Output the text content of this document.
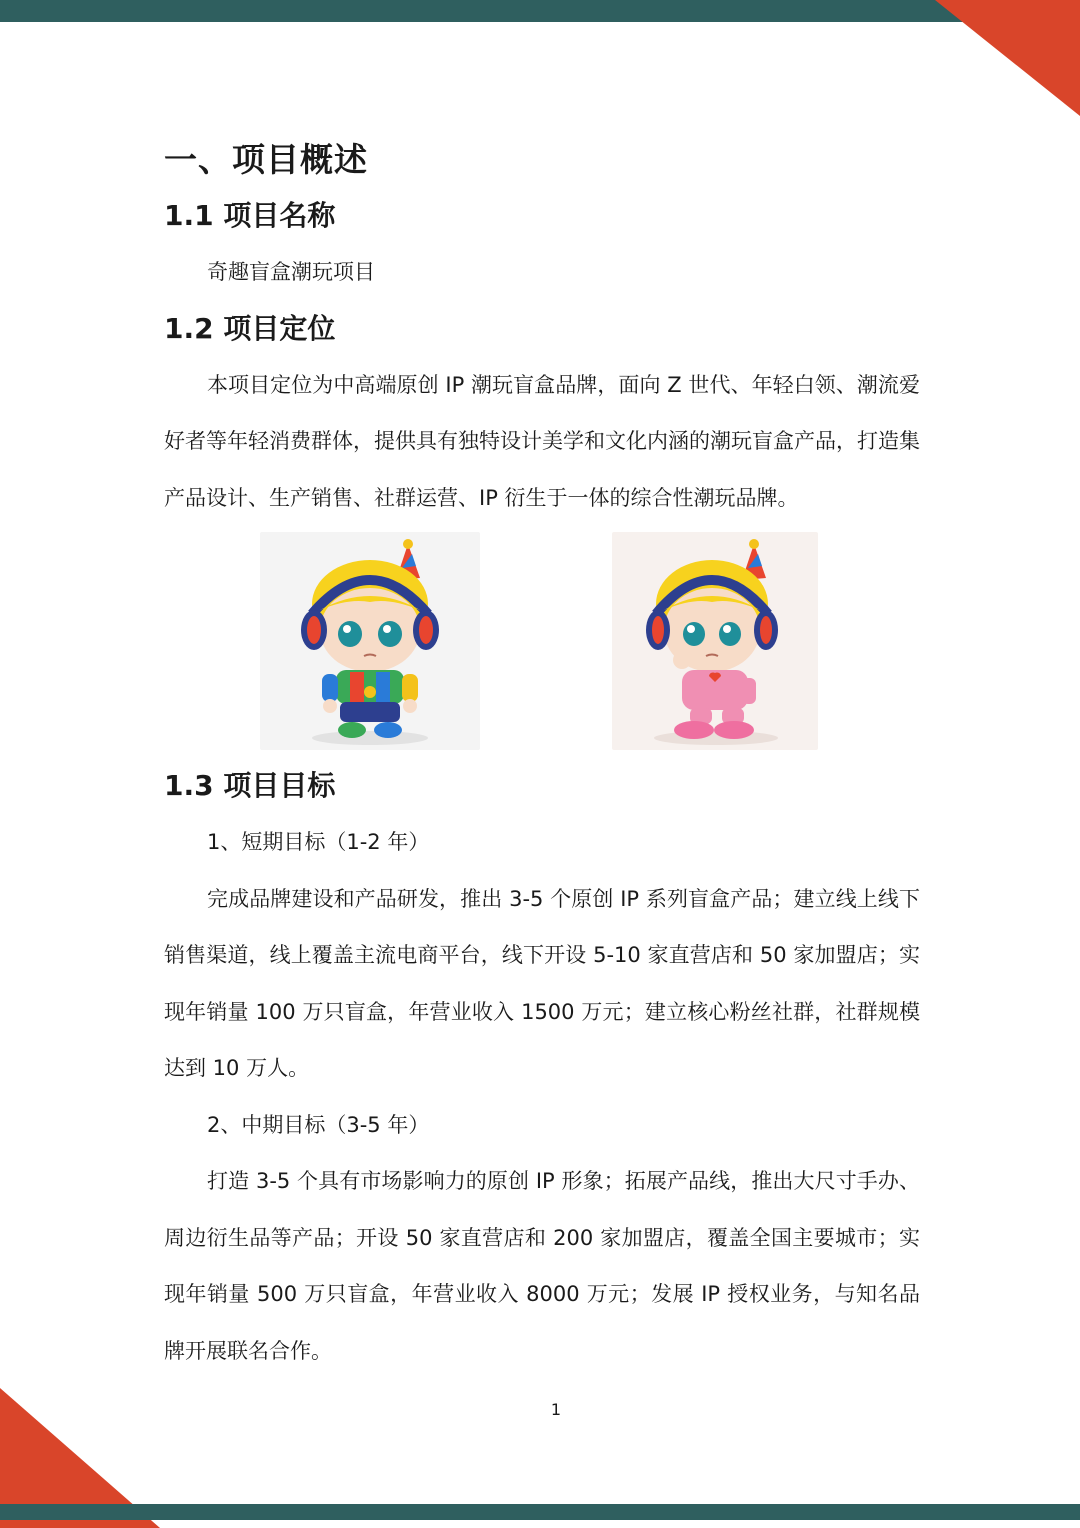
一、项目概述
1.1 项目名称

奇趣盲盒潮玩项目

1.2 项目定位

本项目定位为中高端原创 IP 潮玩盲盒品牌，面向 Z 世代、年轻白领、潮流爱好者等年轻消费群体，提供具有独特设计美学和文化内涵的潮玩盲盒产品，打造集产品设计、生产销售、社群运营、IP 衍生于一体的综合性潮玩品牌。

1.3 项目目标

1、短期目标（1-2 年）

完成品牌建设和产品研发，推出 3-5 个原创 IP 系列盲盒产品；建立线上线下销售渠道，线上覆盖主流电商平台，线下开设 5-10 家直营店和 50 家加盟店；实现年销量 100 万只盲盒，年营业收入 1500 万元；建立核心粉丝社群，社群规模达到 10 万人。

2、中期目标（3-5 年）

打造 3-5 个具有市场影响力的原创 IP 形象；拓展产品线，推出大尺寸手办、周边衍生品等产品；开设 50 家直营店和 200 家加盟店，覆盖全国主要城市；实现年销量 500 万只盲盒，年营业收入 8000 万元；发展 IP 授权业务，与知名品牌开展联名合作。

1
